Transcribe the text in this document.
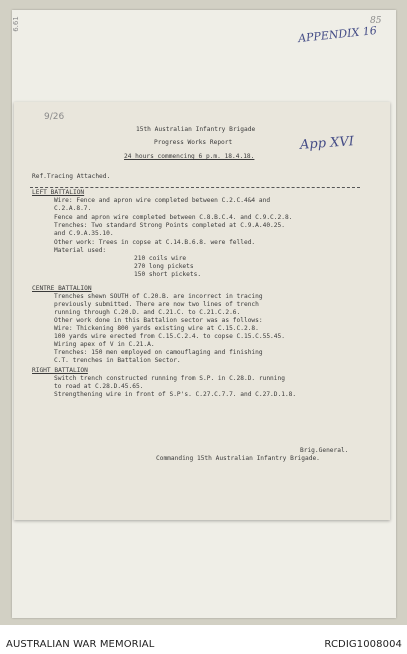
6.61	85
APPENDIX 16
9/26
App XVI
15th Australian Infantry Brigade
Progress Works Report
24 hours commencing 6 p.m. 18.4.18.
Ref.Tracing Attached.
LEFT BATTALION
Wire: Fence and apron wire completed between C.2.C.4&4 and
C.2.A.8.7.
Fence and apron wire completed between C.8.B.C.4. and C.9.C.2.8.
Trenches: Two standard Strong Points completed at C.9.A.40.25.
and C.9.A.35.10.
Other work: Trees in copse at C.14.B.6.8. were felled.
Material used:
210 coils wire
270 long pickets
150 short pickets.
CENTRE BATTALION
Trenches shewn SOUTH of C.20.B. are incorrect in tracing
previously submitted. There are now two lines of trench
running through C.20.D. and C.21.C. to C.21.C.2.6.
Other work done in this Battalion sector was as follows:
Wire: Thickening 800 yards existing wire at C.15.C.2.8.
100 yards wire erected from C.15.C.2.4. to copse C.15.C.55.45.
Wiring apex of V in C.21.A.
Trenches: 150 men employed on camouflaging and finishing
C.T. trenches in Battalion Sector.
RIGHT BATTALION
Switch trench constructed running from S.P. in C.28.D. running
to road at C.28.D.45.65.
Strengthening wire in front of S.P's. C.27.C.7.7. and C.27.D.1.8.
Brig.General.
Commanding 15th Australian Infantry Brigade.
AUSTRALIAN WAR MEMORIAL	RCDIG1008004
